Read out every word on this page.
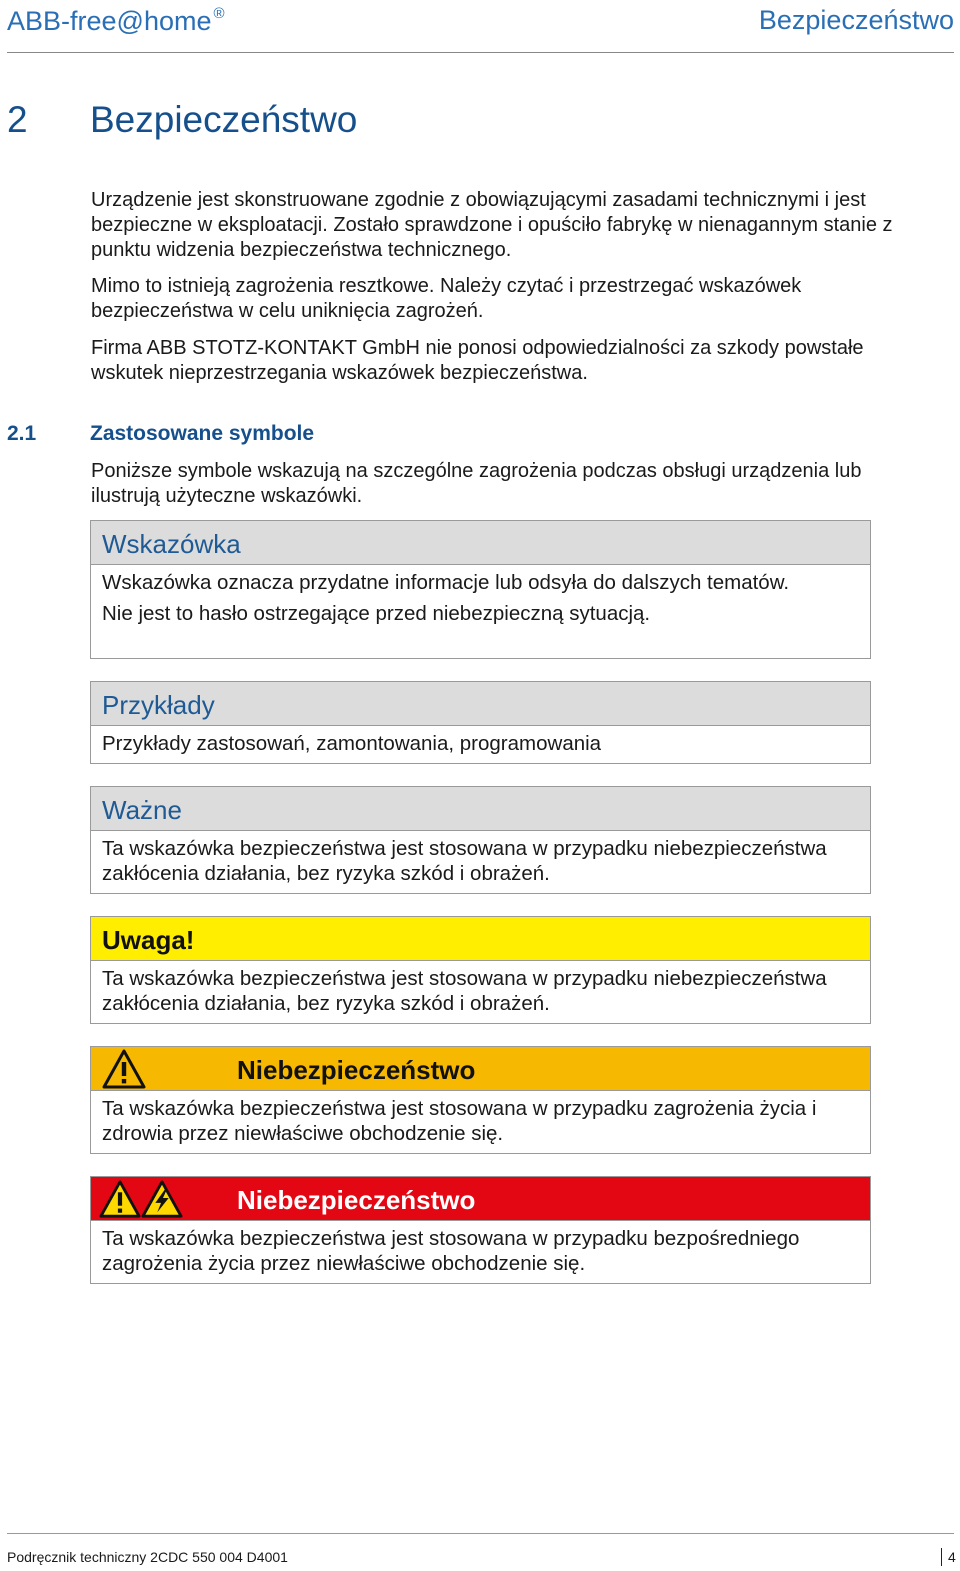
ABB-free@home ®	Bezpieczeństwo
2 Bezpieczeństwo

Urządzenie jest skonstruowane zgodnie z obowiązującymi zasadami technicznymi i jest bezpieczne w eksploatacji. Zostało sprawdzone i opuściło fabrykę w nienagannym stanie z punktu widzenia bezpieczeństwa technicznego.

Mimo to istnieją zagrożenia resztkowe. Należy czytać i przestrzegać wskazówek bezpieczeństwa w celu uniknięcia zagrożeń.

Firma ABB STOTZ-KONTAKT GmbH nie ponosi odpowiedzialności za szkody powstałe wskutek nieprzestrzegania wskazówek bezpieczeństwa.

2.1	Zastosowane symbole

Poniższe symbole wskazują na szczególne zagrożenia podczas obsługi urządzenia lub ilustrują użyteczne wskazówki.

Wskazówka

Wskazówka oznacza przydatne informacje lub odsyła do dalszych tematów.

Nie jest to hasło ostrzegające przed niebezpieczną sytuacją.

Przykłady

Przykłady zastosowań, zamontowania, programowania

Ważne

Ta wskazówka bezpieczeństwa jest stosowana w przypadku niebezpieczeństwa zakłócenia działania, bez ryzyka szkód i obrażeń.

Uwaga!

Ta wskazówka bezpieczeństwa jest stosowana w przypadku niebezpieczeństwa zakłócenia działania, bez ryzyka szkód i obrażeń.

Niebezpieczeństwo

Ta wskazówka bezpieczeństwa jest stosowana w przypadku zagrożenia życia i zdrowia przez niewłaściwe obchodzenie się.

Niebezpieczeństwo

Ta wskazówka bezpieczeństwa jest stosowana w przypadku bezpośredniego zagrożenia życia przez niewłaściwe obchodzenie się.

Podręcznik techniczny 2CDC 550 004 D4001	4
